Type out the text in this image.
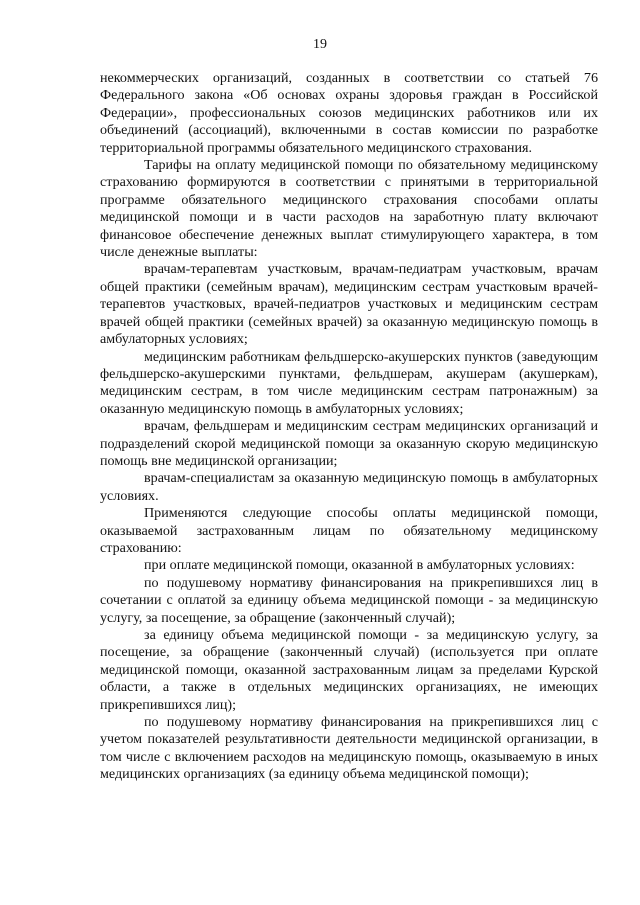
19

некоммерческих организаций, созданных в соответствии со статьей 76 Федерального закона «Об основах охраны здоровья граждан в Российской Федерации», профессиональных союзов медицинских работников или их объединений (ассоциаций), включенными в состав комиссии по разработке территориальной программы обязательного медицинского страхования.

Тарифы на оплату медицинской помощи по обязательному медицинскому страхованию формируются в соответствии с принятыми в территориальной программе обязательного медицинского страхования способами оплаты медицинской помощи и в части расходов на заработную плату включают финансовое обеспечение денежных выплат стимулирующего характера, в том числе денежные выплаты:

врачам-терапевтам участковым, врачам-педиатрам участковым, врачам общей практики (семейным врачам), медицинским сестрам участковым врачей-терапевтов участковых, врачей-педиатров участковых и медицинским сестрам врачей общей практики (семейных врачей) за оказанную медицинскую помощь в амбулаторных условиях;

медицинским работникам фельдшерско-акушерских пунктов (заведующим фельдшерско-акушерскими пунктами, фельдшерам, акушерам (акушеркам), медицинским сестрам, в том числе медицинским сестрам патронажным) за оказанную медицинскую помощь в амбулаторных условиях;

врачам, фельдшерам и медицинским сестрам медицинских организаций и подразделений скорой медицинской помощи за оказанную скорую медицинскую помощь вне медицинской организации;

врачам-специалистам за оказанную медицинскую помощь в амбулаторных условиях.

Применяются следующие способы оплаты медицинской помощи, оказываемой застрахованным лицам по обязательному медицинскому страхованию:

при оплате медицинской помощи, оказанной в амбулаторных условиях:

по подушевому нормативу финансирования на прикрепившихся лиц в сочетании с оплатой за единицу объема медицинской помощи - за медицинскую услугу, за посещение, за обращение (законченный случай);

за единицу объема медицинской помощи - за медицинскую услугу, за посещение, за обращение (законченный случай) (используется при оплате медицинской помощи, оказанной застрахованным лицам за пределами Курской области, а также в отдельных медицинских организациях, не имеющих прикрепившихся лиц);

по подушевому нормативу финансирования на прикрепившихся лиц с учетом показателей результативности деятельности медицинской организации, в том числе с включением расходов на медицинскую помощь, оказываемую в иных медицинских организациях (за единицу объема медицинской помощи);
